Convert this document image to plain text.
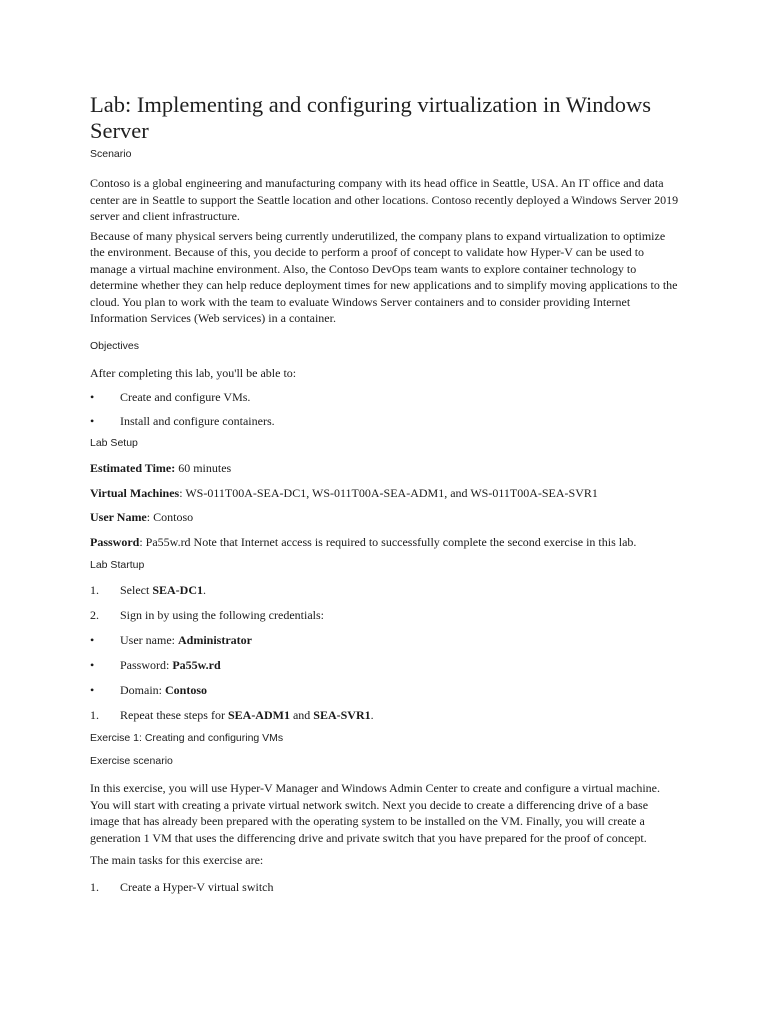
Lab: Implementing and configuring virtualization in Windows Server
Scenario

Contoso is a global engineering and manufacturing company with its head office in Seattle, USA. An IT office and data center are in Seattle to support the Seattle location and other locations. Contoso recently deployed a Windows Server 2019 server and client infrastructure.

Because of many physical servers being currently underutilized, the company plans to expand virtualization to optimize the environment. Because of this, you decide to perform a proof of concept to validate how Hyper-V can be used to manage a virtual machine environment. Also, the Contoso DevOps team wants to explore container technology to determine whether they can help reduce deployment times for new applications and to simplify moving applications to the cloud. You plan to work with the team to evaluate Windows Server containers and to consider providing Internet Information Services (Web services) in a container.

Objectives

After completing this lab, you'll be able to:

• Create and configure VMs.
• Install and configure containers.
Lab Setup

Estimated Time: 60 minutes

Virtual Machines: WS-011T00A-SEA-DC1, WS-011T00A-SEA-ADM1, and WS-011T00A-SEA-SVR1

User Name: Contoso

Password: Pa55w.rd Note that Internet access is required to successfully complete the second exercise in this lab.

Lab Startup
1. Select SEA-DC1.
2. Sign in by using the following credentials:
• User name: Administrator
• Password: Pa55w.rd
• Domain: Contoso
1. Repeat these steps for SEA-ADM1 and SEA-SVR1.
Exercise 1: Creating and configuring VMs
Exercise scenario

In this exercise, you will use Hyper-V Manager and Windows Admin Center to create and configure a virtual machine. You will start with creating a private virtual network switch. Next you decide to create a differencing drive of a base image that has already been prepared with the operating system to be installed on the VM. Finally, you will create a generation 1 VM that uses the differencing drive and private switch that you have prepared for the proof of concept.

The main tasks for this exercise are:

1. Create a Hyper-V virtual switch
